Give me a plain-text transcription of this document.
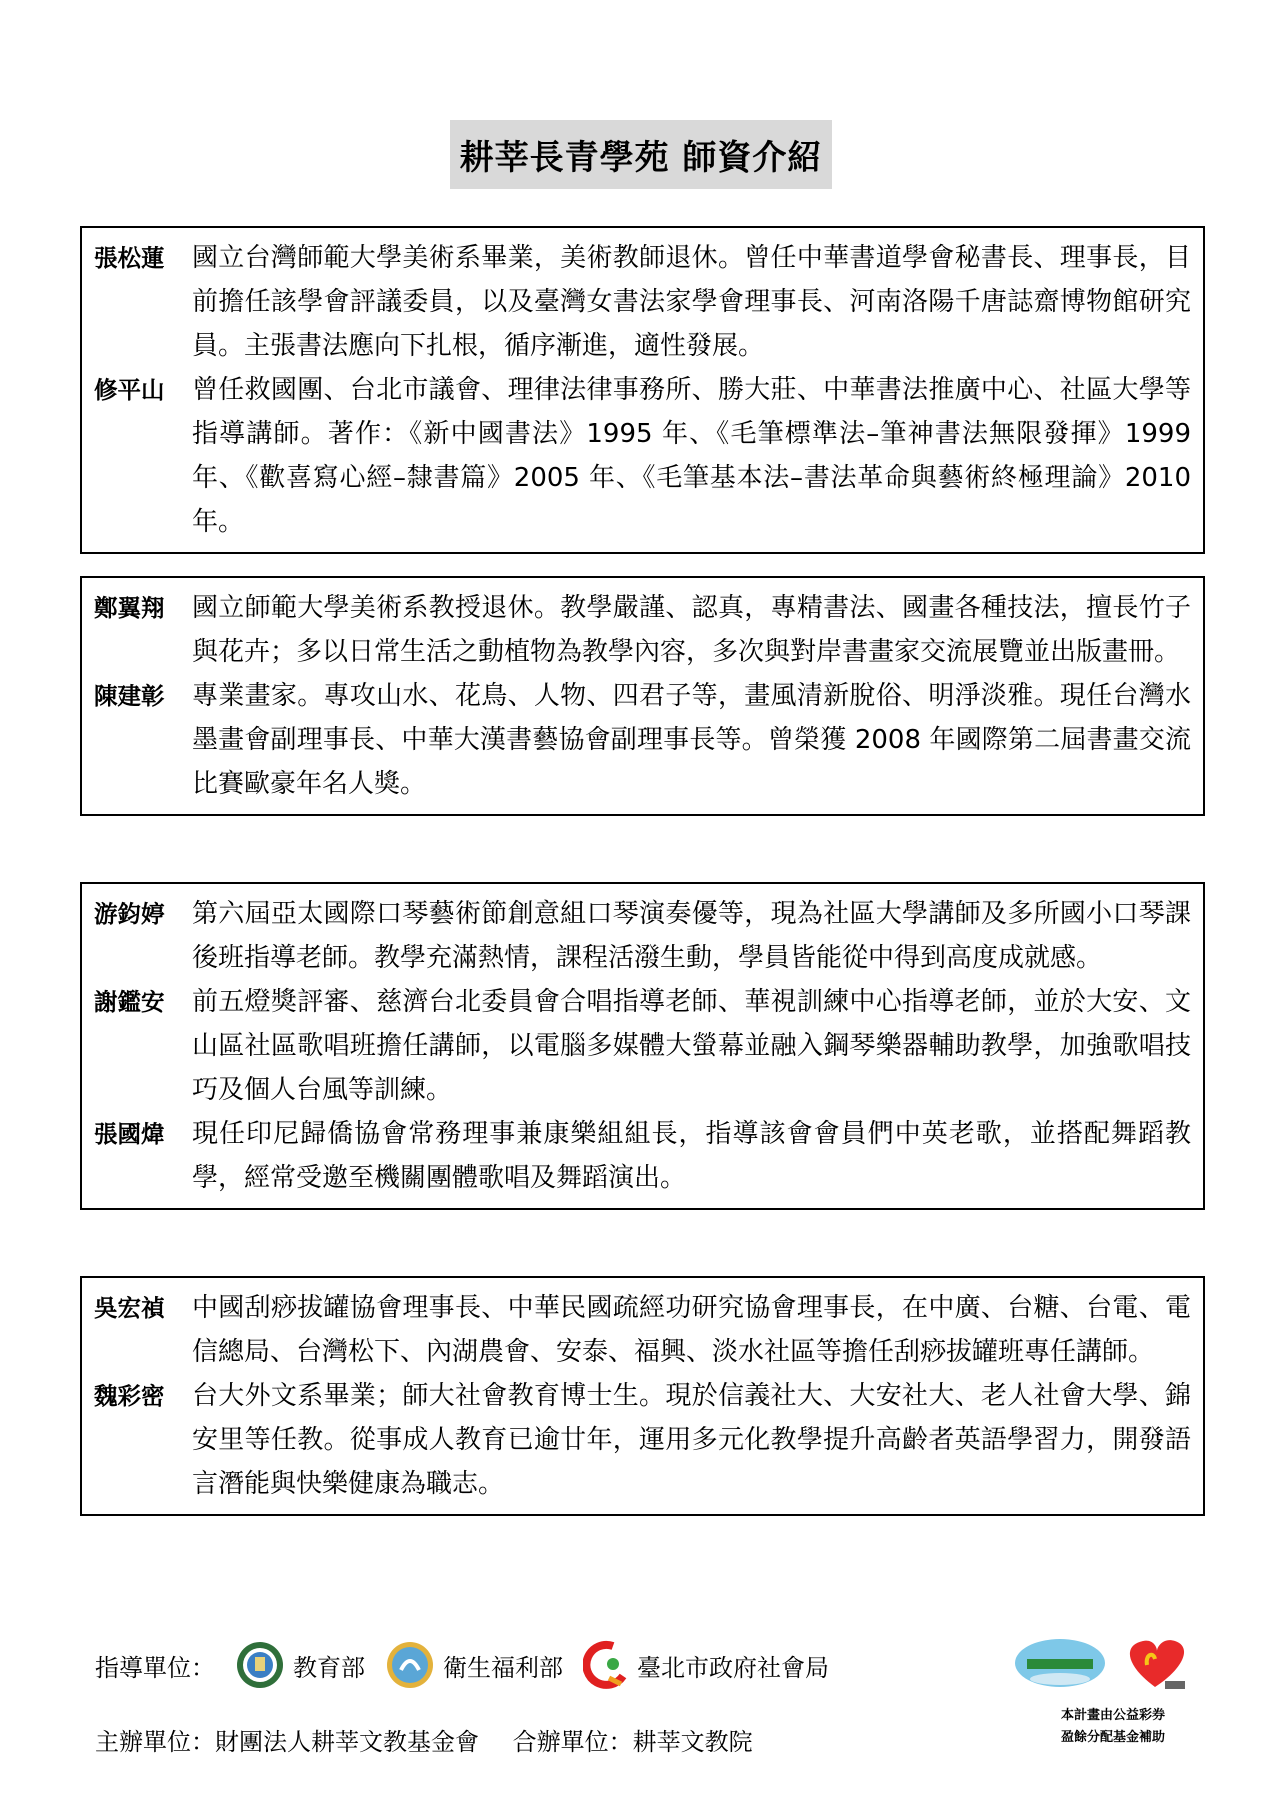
耕莘長青學苑 師資介紹
張松蓮	國立台灣師範大學美術系畢業，美術教師退休。曾任中華書道學會秘書長、理事長，目前擔任該學會評議委員，以及臺灣女書法家學會理事長、河南洛陽千唐誌齋博物館研究員。主張書法應向下扎根，循序漸進，適性發展。
修平山	曾任救國團、台北市議會、理律法律事務所、勝大莊、中華書法推廣中心、社區大學等指導講師。著作：《新中國書法》1995 年、《毛筆標準法–筆神書法無限發揮》1999 年、《歡喜寫心經–隸書篇》2005 年、《毛筆基本法–書法革命與藝術終極理論》2010 年。
鄭翼翔	國立師範大學美術系教授退休。教學嚴謹、認真，專精書法、國畫各種技法，擅長竹子與花卉；多以日常生活之動植物為教學內容，多次與對岸書畫家交流展覽並出版畫冊。
陳建彰	專業畫家。專攻山水、花鳥、人物、四君子等，畫風清新脫俗、明淨淡雅。現任台灣水墨畫會副理事長、中華大漢書藝協會副理事長等。曾榮獲 2008 年國際第二屆書畫交流比賽歐豪年名人獎。
游鈞婷	第六屆亞太國際口琴藝術節創意組口琴演奏優等，現為社區大學講師及多所國小口琴課後班指導老師。教學充滿熱情，課程活潑生動，學員皆能從中得到高度成就感。
謝鑑安	前五燈獎評審、慈濟台北委員會合唱指導老師、華視訓練中心指導老師，並於大安、文山區社區歌唱班擔任講師，以電腦多媒體大螢幕並融入鋼琴樂器輔助教學，加強歌唱技巧及個人台風等訓練。
張國煒	現任印尼歸僑協會常務理事兼康樂組組長，指導該會會員們中英老歌，並搭配舞蹈教學，經常受邀至機關團體歌唱及舞蹈演出。
吳宏禎	中國刮痧拔罐協會理事長、中華民國疏經功研究協會理事長，在中廣、台糖、台電、電信總局、台灣松下、內湖農會、安泰、福興、淡水社區等擔任刮痧拔罐班專任講師。
魏彩密	台大外文系畢業；師大社會教育博士生。現於信義社大、大安社大、老人社會大學、錦安里等任教。從事成人教育已逾廿年，運用多元化教學提升高齡者英語學習力，開發語言潛能與快樂健康為職志。
指導單位：	教育部	衛生福利部	臺北市政府社會局
主辦單位：財團法人耕莘文教基金會 合辦單位：耕莘文教院
本計畫由公益彩券
盈餘分配基金補助
